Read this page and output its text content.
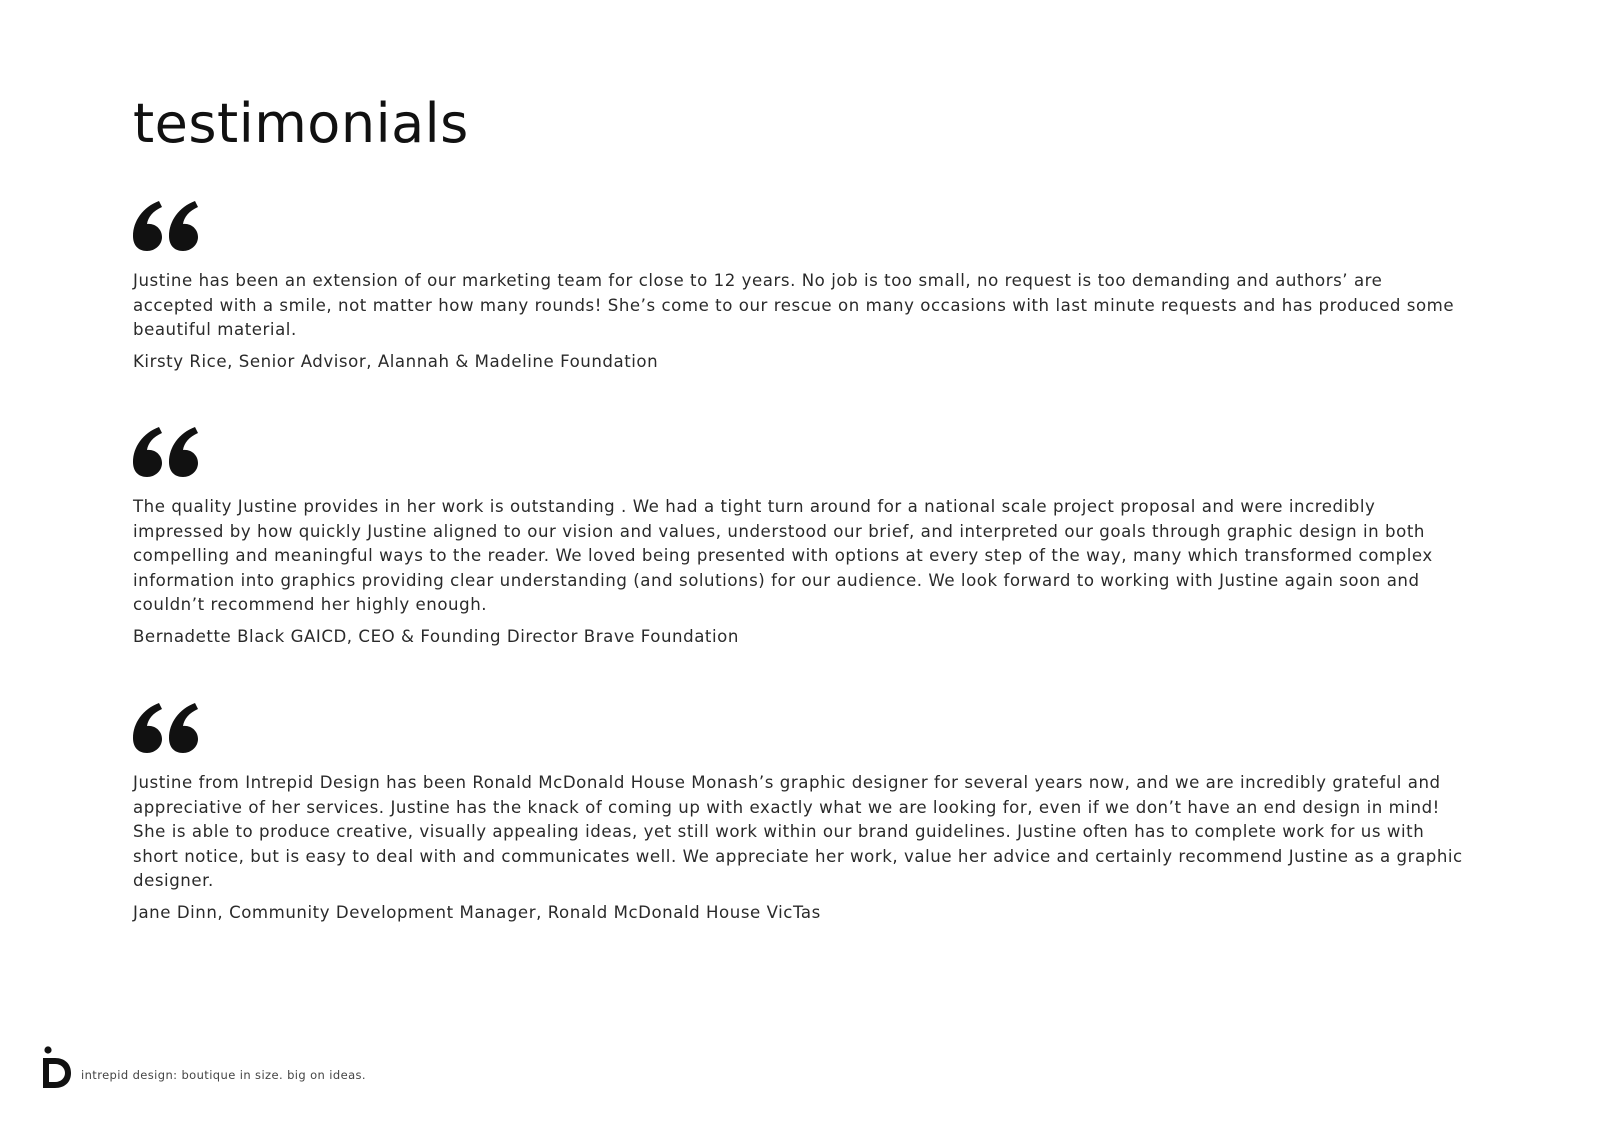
testimonials

Justine has been an extension of our marketing team for close to 12 years. No job is too small, no request is too demanding and authors’ are accepted with a smile, not matter how many rounds! She’s come to our rescue on many occasions with last minute requests and has produced some beautiful material.

Kirsty Rice, Senior Advisor, Alannah & Madeline Foundation

The quality Justine provides in her work is outstanding . We had a tight turn around for a national scale project proposal and were incredibly impressed by how quickly Justine aligned to our vision and values, understood our brief, and interpreted our goals through graphic design in both compelling and meaningful ways to the reader. We loved being presented with options at every step of the way, many which transformed complex information into graphics providing clear understanding (and solutions) for our audience. We look forward to working with Justine again soon and couldn’t recommend her highly enough.

Bernadette Black GAICD, CEO & Founding Director Brave Foundation

Justine from Intrepid Design has been Ronald McDonald House Monash’s graphic designer for several years now, and we are incredibly grateful and appreciative of her services. Justine has the knack of coming up with exactly what we are looking for, even if we don’t have an end design in mind! She is able to produce creative, visually appealing ideas, yet still work within our brand guidelines. Justine often has to complete work for us with short notice, but is easy to deal with and communicates well. We appreciate her work, value her advice and certainly recommend Justine as a graphic designer.

Jane Dinn, Community Development Manager, Ronald McDonald House VicTas

intrepid design: boutique in size. big on ideas.
